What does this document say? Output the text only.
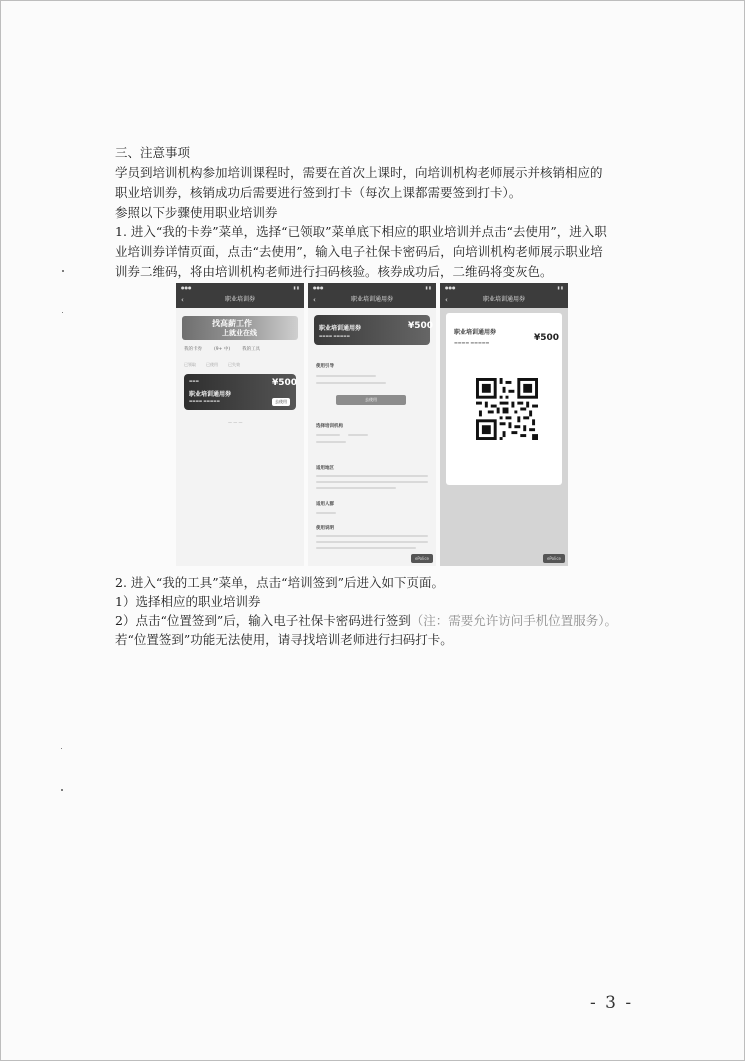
三、注意事项
学员到培训机构参加培训课程时，需要在首次上课时，向培训机构老师展示并核销相应的
职业培训券，核销成功后需要进行签到打卡（每次上课都需要签到打卡）。
参照以下步骤使用职业培训券
1. 进入“我的卡券”菜单，选择“已领取”菜单底下相应的职业培训并点击“去使用”，进入职
业培训券详情页面，点击“去使用”，输入电子社保卡密码后，向培训机构老师展示职业培
训券二维码，将由培训机构老师进行扫码核验。核券成功后，二维码将变灰色。
●●●	▮ ▮
‹	职业培训券
找高薪工作
上就业在线
我的卡券	(9+ 中)	我的工具
已领取	已使用	已失效
职业培训通用券
▬▬▬
▬▬▬▬ ▬▬▬▬▬
¥500
去使用
— — —
●●●	▮ ▮
‹	职业培训通用券
职业培训通用券
▬▬▬▬ ▬▬▬▬▬
¥500
使用引导
去使用
选择培训机构
适用地区
适用人群
使用说明
ePolice
●●●	▮ ▮
‹	职业培训通用券
职业培训通用券
▬▬▬▬ ▬▬▬▬▬	¥500
ePolice
2. 进入“我的工具”菜单，点击“培训签到”后进入如下页面。
1）选择相应的职业培训券
2）点击“位置签到”后，输入电子社保卡密码进行签到（注：需要允许访问手机位置服务）。
若“位置签到”功能无法使用，请寻找培训老师进行扫码打卡。
- 3 -
